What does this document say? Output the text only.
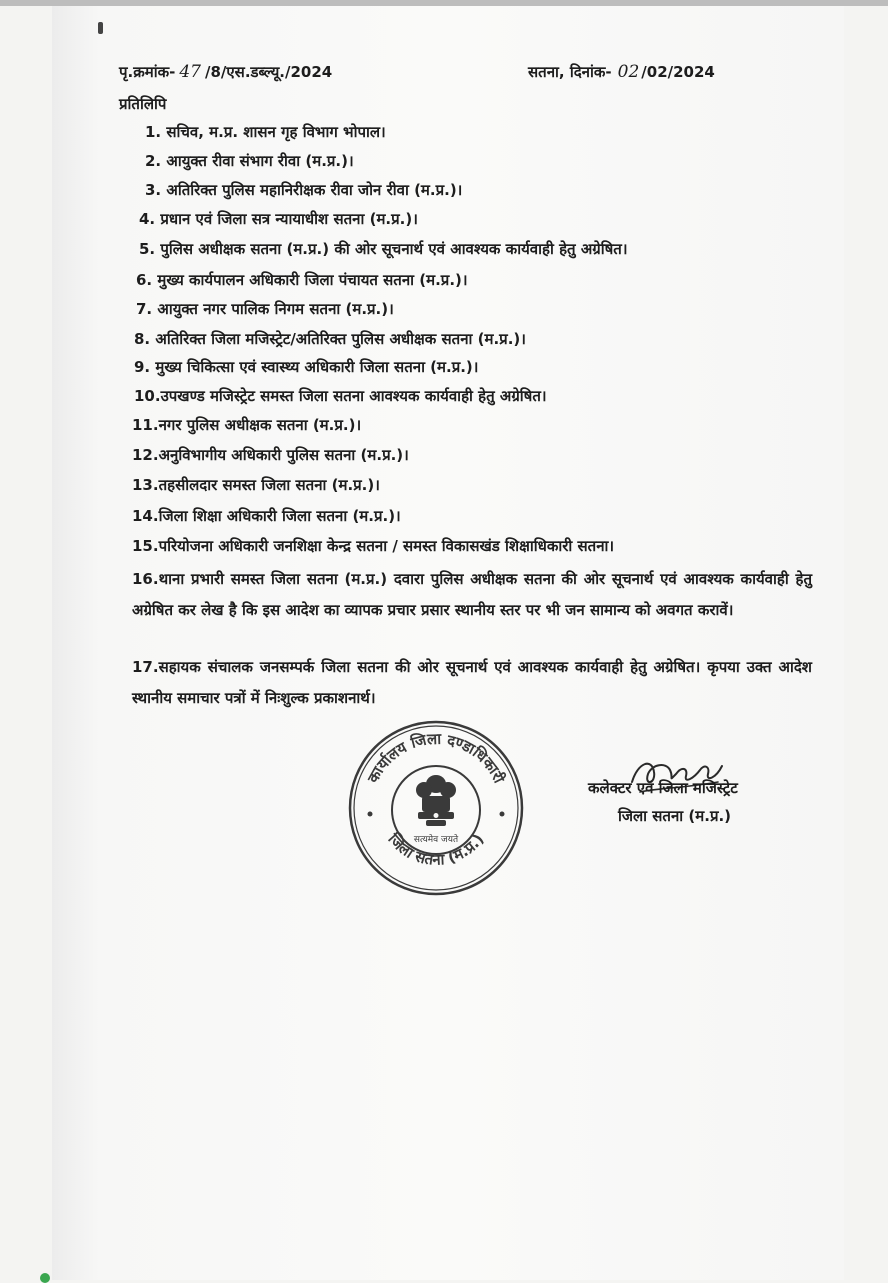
पृ.क्रमांक- 47 /8/एस.डब्ल्यू./2024	सतना, दिनांक- 02 /02/2024
प्रतिलिपि
1. सचिव, म.प्र. शासन गृह विभाग भोपाल।
2. आयुक्त रीवा संभाग रीवा (म.प्र.)।
3. अतिरिक्त पुलिस महानिरीक्षक रीवा जोन रीवा (म.प्र.)।
4. प्रधान एवं जिला सत्र न्यायाधीश सतना (म.प्र.)।
5. पुलिस अधीक्षक सतना (म.प्र.) की ओर सूचनार्थ एवं आवश्यक कार्यवाही हेतु अग्रेषित।
6. मुख्य कार्यपालन अधिकारी जिला पंचायत सतना (म.प्र.)।
7. आयुक्त नगर पालिक निगम सतना (म.प्र.)।
8. अतिरिक्त जिला मजिस्ट्रेट/अतिरिक्त पुलिस अधीक्षक सतना (म.प्र.)।
9. मुख्य चिकित्सा एवं स्वास्थ्य अधिकारी जिला सतना (म.प्र.)।
10.उपखण्ड मजिस्ट्रेट समस्त जिला सतना आवश्यक कार्यवाही हेतु अग्रेषित।
11.नगर पुलिस अधीक्षक सतना (म.प्र.)।
12.अनुविभागीय अधिकारी पुलिस सतना (म.प्र.)।
13.तहसीलदार समस्त जिला सतना (म.प्र.)।
14.जिला शिक्षा अधिकारी जिला सतना (म.प्र.)।
15.परियोजना अधिकारी जनशिक्षा केन्द्र सतना / समस्त विकासखंड शिक्षाधिकारी सतना।
16.थाना प्रभारी समस्त जिला सतना (म.प्र.) दवारा पुलिस अधीक्षक सतना की ओर सूचनार्थ एवं आवश्यक कार्यवाही हेतु अग्रेषित कर लेख है कि इस आदेश का व्यापक प्रचार प्रसार स्थानीय स्तर पर भी जन सामान्य को अवगत करावें।
17.सहायक संचालक जनसम्पर्क जिला सतना की ओर सूचनार्थ एवं आवश्यक कार्यवाही हेतु अग्रेषित। कृपया उक्त आदेश स्थानीय समाचार पत्रों में निःशुल्क प्रकाशनार्थ।
कार्यालय जिला दण्डाधिकारी
जिला सतना (म.प्र.)
सत्यमेव जयते
कलेक्टर एवं जिला मजिस्ट्रेट
जिला सतना (म.प्र.)
